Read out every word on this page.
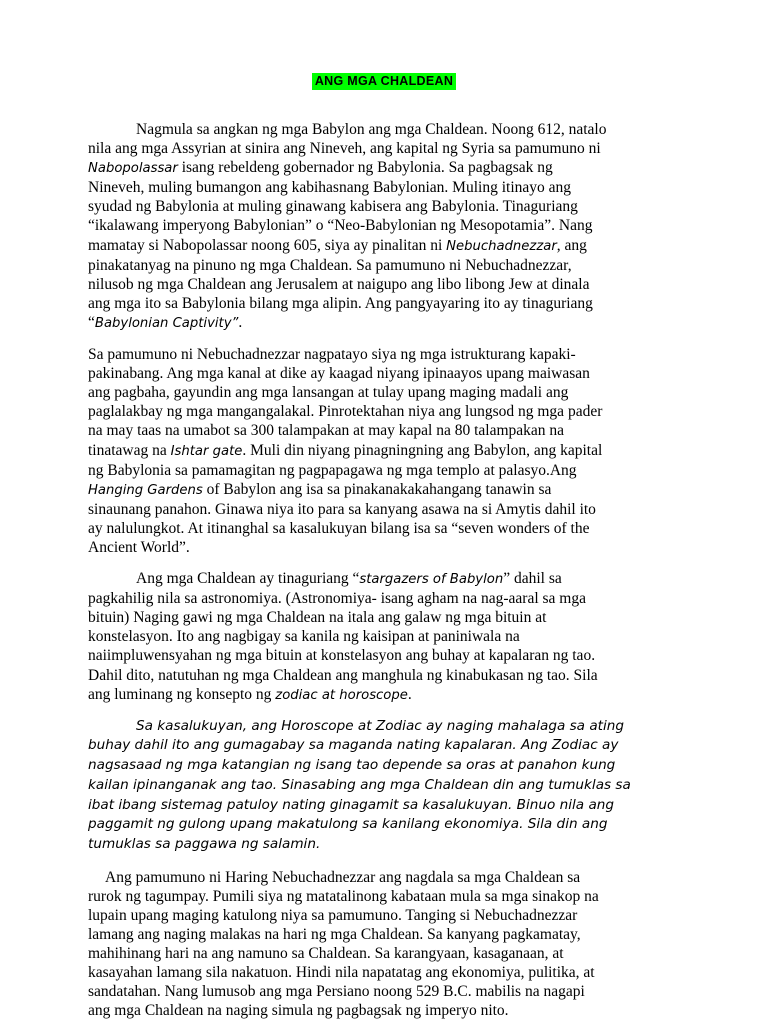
ANG MGA CHALDEAN
Nagmula sa angkan ng mga Babylon ang mga Chaldean. Noong 612, natalo
nila ang mga Assyrian at sinira ang Nineveh, ang kapital ng Syria sa pamumuno ni
Nabopolassar isang rebeldeng gobernador ng Babylonia. Sa pagbagsak ng
Nineveh, muling bumangon ang kabihasnang Babylonian. Muling itinayo ang
syudad ng Babylonia at muling ginawang kabisera ang Babylonia. Tinaguriang
“ikalawang imperyong Babylonian” o “Neo-Babylonian ng Mesopotamia”. Nang
mamatay si Nabopolassar noong 605, siya ay pinalitan ni Nebuchadnezzar, ang
pinakatanyag na pinuno ng mga Chaldean. Sa pamumuno ni Nebuchadnezzar,
nilusob ng mga Chaldean ang Jerusalem at naigupo ang libo libong Jew at dinala
ang mga ito sa Babylonia bilang mga alipin. Ang pangyayaring ito ay tinaguriang
“Babylonian Captivity”.
Sa pamumuno ni Nebuchadnezzar nagpatayo siya ng mga istrukturang kapaki-
pakinabang. Ang mga kanal at dike ay kaagad niyang ipinaayos upang maiwasan
ang pagbaha, gayundin ang mga lansangan at tulay upang maging madali ang
paglalakbay ng mga mangangalakal. Pinrotektahan niya ang lungsod ng mga pader
na may taas na umabot sa 300 talampakan at may kapal na 80 talampakan na
tinatawag na Ishtar gate. Muli din niyang pinagningning ang Babylon, ang kapital
ng Babylonia sa pamamagitan ng pagpapagawa ng mga templo at palasyo.Ang
Hanging Gardens of Babylon ang isa sa pinakanakakahangang tanawin sa
sinaunang panahon. Ginawa niya ito para sa kanyang asawa na si Amytis dahil ito
ay nalulungkot. At itinanghal sa kasalukuyan bilang isa sa “seven wonders of the
Ancient World”.
Ang mga Chaldean ay tinaguriang “stargazers of Babylon” dahil sa
pagkahilig nila sa astronomiya. (Astronomiya- isang agham na nag-aaral sa mga
bituin) Naging gawi ng mga Chaldean na itala ang galaw ng mga bituin at
konstelasyon. Ito ang nagbigay sa kanila ng kaisipan at paniniwala na
naiimpluwensyahan ng mga bituin at konstelasyon ang buhay at kapalaran ng tao.
Dahil dito, natutuhan ng mga Chaldean ang manghula ng kinabukasan ng tao. Sila
ang luminang ng konsepto ng zodiac at horoscope.
Sa kasalukuyan, ang Horoscope at Zodiac ay naging mahalaga sa ating
buhay dahil ito ang gumagabay sa maganda nating kapalaran. Ang Zodiac ay
nagsasaad ng mga katangian ng isang tao depende sa oras at panahon kung
kailan ipinanganak ang tao. Sinasabing ang mga Chaldean din ang tumuklas sa
ibat ibang sistemag patuloy nating ginagamit sa kasalukuyan. Binuo nila ang
paggamit ng gulong upang makatulong sa kanilang ekonomiya. Sila din ang
tumuklas sa paggawa ng salamin.
Ang pamumuno ni Haring Nebuchadnezzar ang nagdala sa mga Chaldean sa
rurok ng tagumpay. Pumili siya ng matatalinong kabataan mula sa mga sinakop na
lupain upang maging katulong niya sa pamumuno. Tanging si Nebuchadnezzar
lamang ang naging malakas na hari ng mga Chaldean. Sa kanyang pagkamatay,
mahihinang hari na ang namuno sa Chaldean. Sa karangyaan, kasaganaan, at
kasayahan lamang sila nakatuon. Hindi nila napatatag ang ekonomiya, pulitika, at
sandatahan. Nang lumusob ang mga Persiano noong 529 B.C. mabilis na nagapi
ang mga Chaldean na naging simula ng pagbagsak ng imperyo nito.
